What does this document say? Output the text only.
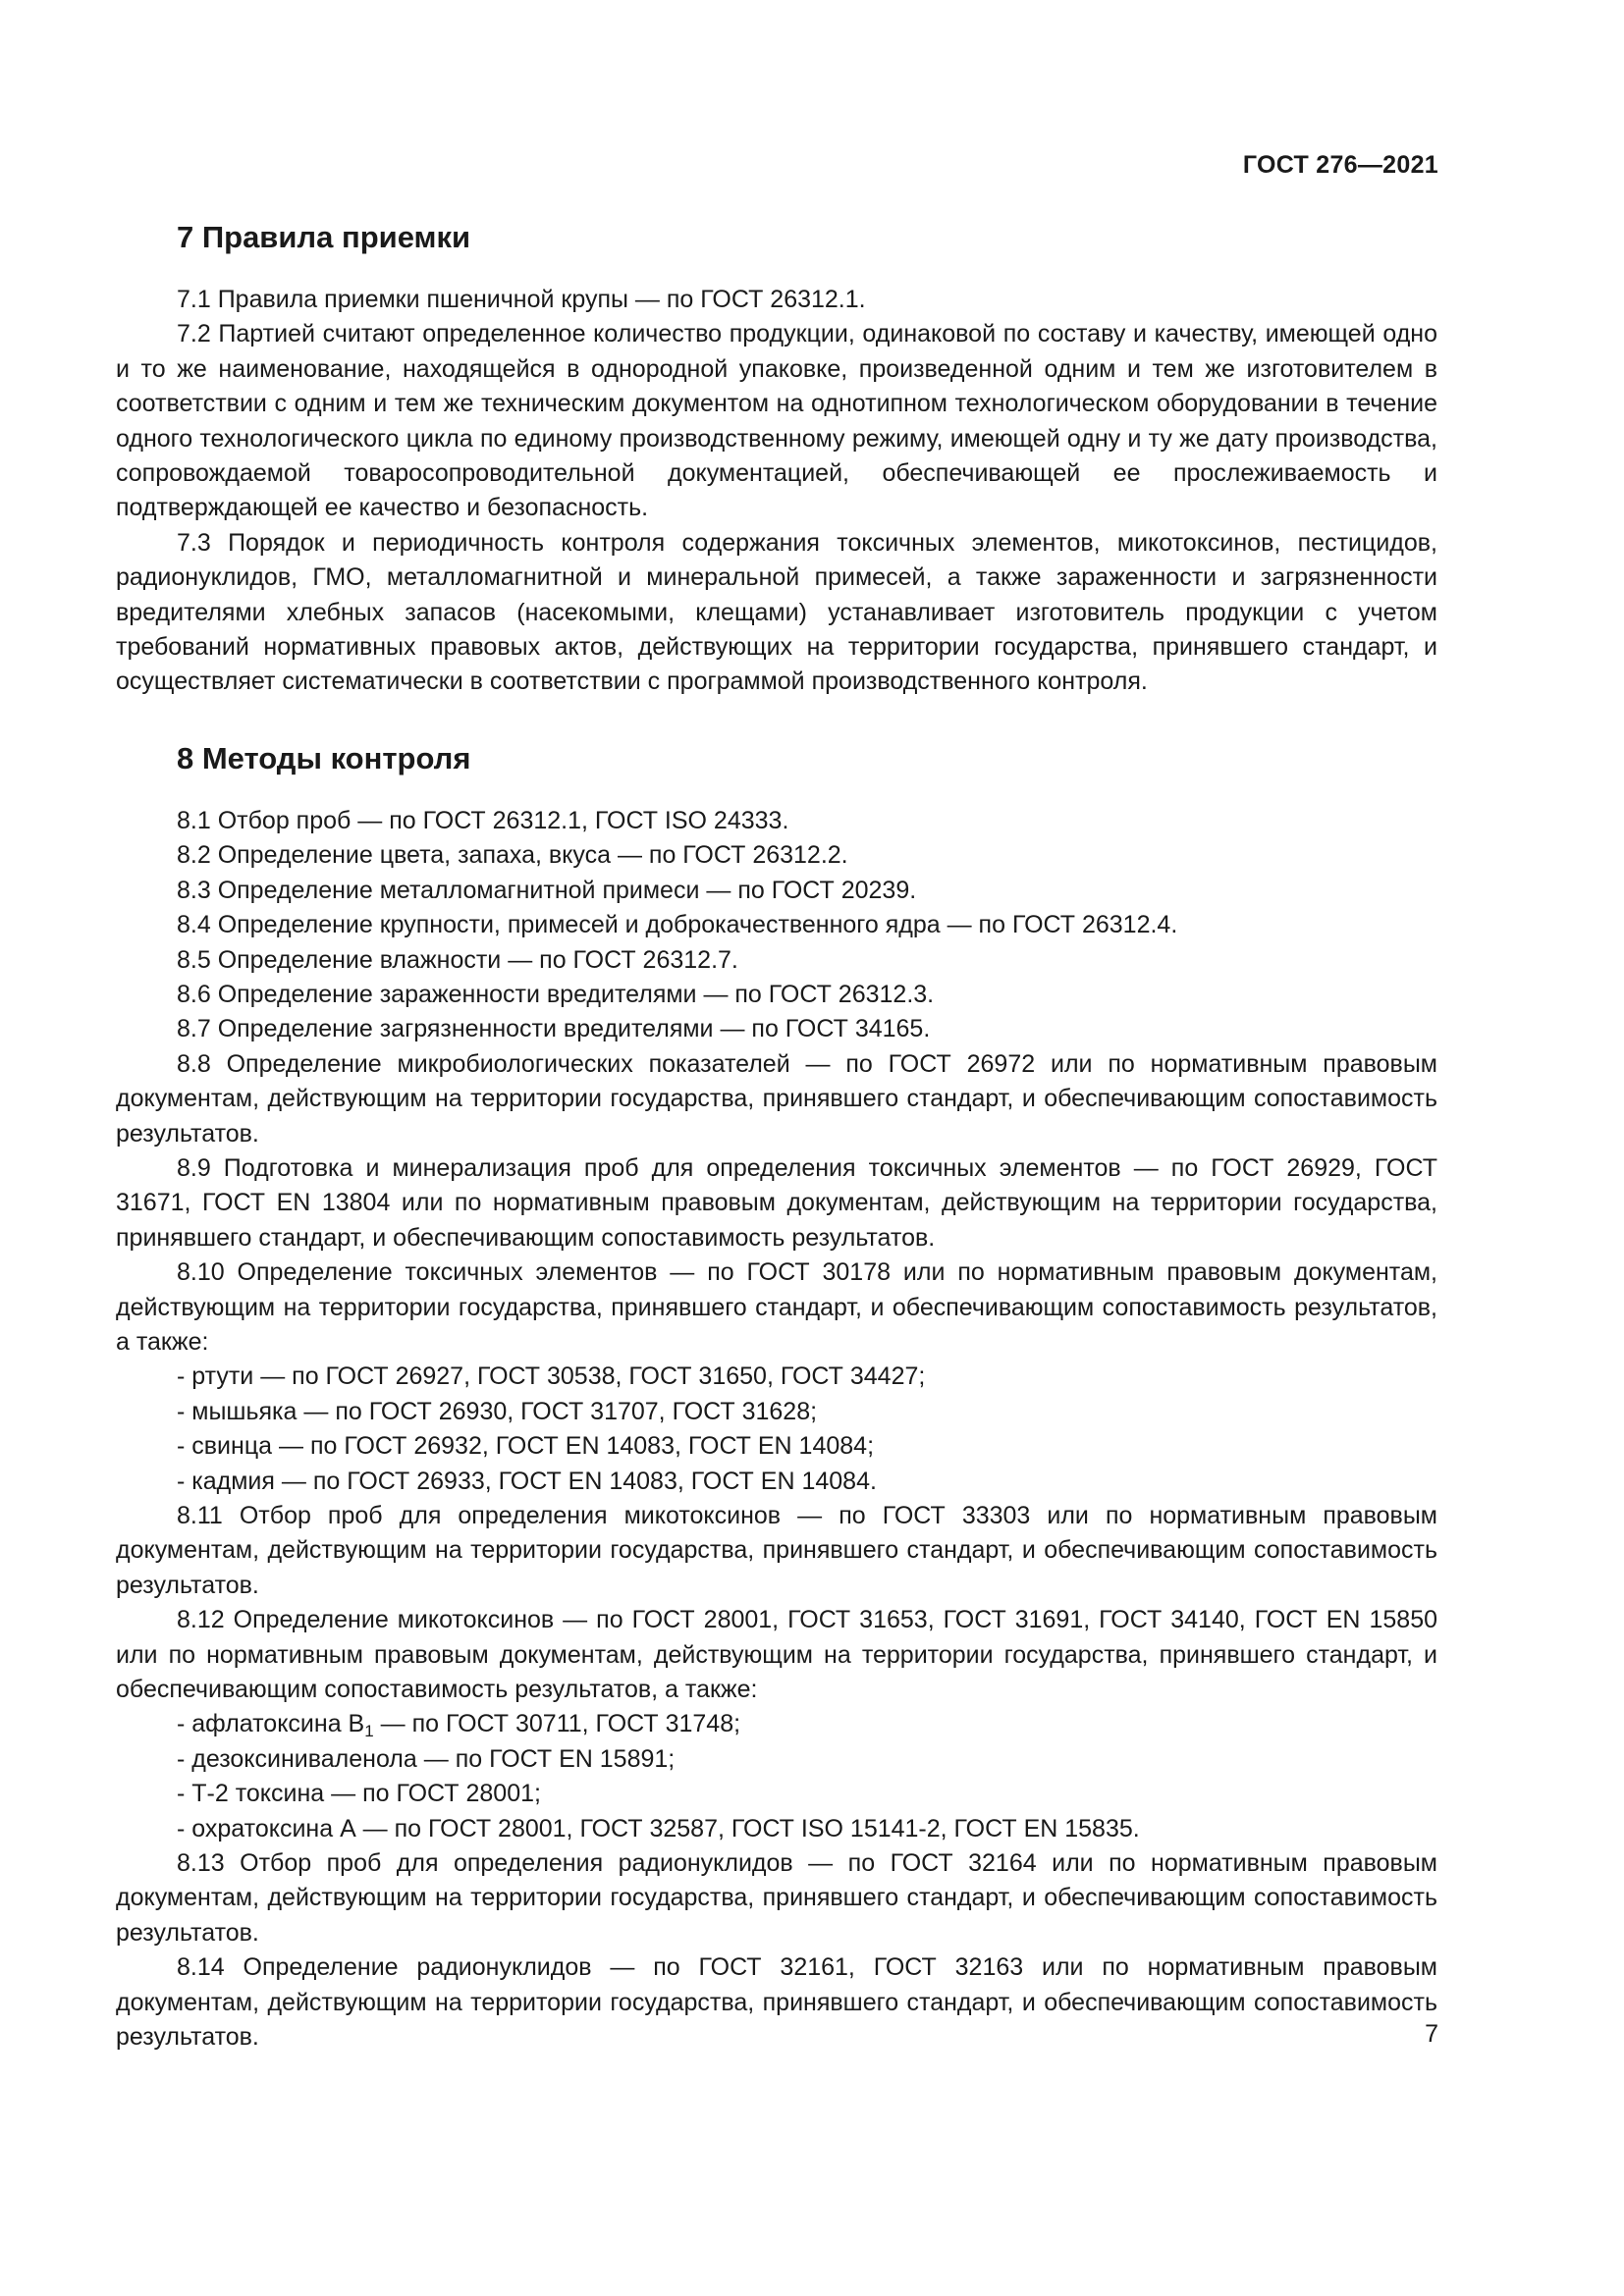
ГОСТ 276—2021
7 Правила приемки

7.1 Правила приемки пшеничной крупы — по ГОСТ 26312.1.

7.2 Партией считают определенное количество продукции, одинаковой по составу и качеству, имеющей одно и то же наименование, находящейся в однородной упаковке, произведенной одним и тем же изготовителем в соответствии с одним и тем же техническим документом на однотипном технологическом оборудовании в течение одного технологического цикла по единому производственному режиму, имеющей одну и ту же дату производства, сопровождаемой товаросопроводительной документацией, обеспечивающей ее прослеживаемость и подтверждающей ее качество и безопасность.

7.3 Порядок и периодичность контроля содержания токсичных элементов, микотоксинов, пестицидов, радионуклидов, ГМО, металломагнитной и минеральной примесей, а также зараженности и загрязненности вредителями хлебных запасов (насекомыми, клещами) устанавливает изготовитель продукции с учетом требований нормативных правовых актов, действующих на территории государства, принявшего стандарт, и осуществляет систематически в соответствии с программой производственного контроля.

8 Методы контроля

8.1 Отбор проб — по ГОСТ 26312.1, ГОСТ ISO 24333.

8.2 Определение цвета, запаха, вкуса — по ГОСТ 26312.2.

8.3 Определение металломагнитной примеси — по ГОСТ 20239.

8.4 Определение крупности, примесей и доброкачественного ядра — по ГОСТ 26312.4.

8.5 Определение влажности — по ГОСТ 26312.7.

8.6 Определение зараженности вредителями — по ГОСТ 26312.3.

8.7 Определение загрязненности вредителями — по ГОСТ 34165.

8.8 Определение микробиологических показателей — по ГОСТ 26972 или по нормативным правовым документам, действующим на территории государства, принявшего стандарт, и обеспечивающим сопоставимость результатов.

8.9 Подготовка и минерализация проб для определения токсичных элементов — по ГОСТ 26929, ГОСТ 31671, ГОСТ EN 13804 или по нормативным правовым документам, действующим на территории государства, принявшего стандарт, и обеспечивающим сопоставимость результатов.

8.10 Определение токсичных элементов — по ГОСТ 30178 или по нормативным правовым документам, действующим на территории государства, принявшего стандарт, и обеспечивающим сопоставимость результатов, а также:

- ртути — по ГОСТ 26927, ГОСТ 30538, ГОСТ 31650, ГОСТ 34427;

- мышьяка — по ГОСТ 26930, ГОСТ 31707, ГОСТ 31628;

- свинца — по ГОСТ 26932, ГОСТ EN 14083, ГОСТ EN 14084;

- кадмия — по ГОСТ 26933, ГОСТ EN 14083, ГОСТ EN 14084.

8.11 Отбор проб для определения микотоксинов — по ГОСТ 33303 или по нормативным правовым документам, действующим на территории государства, принявшего стандарт, и обеспечивающим сопоставимость результатов.

8.12 Определение микотоксинов — по ГОСТ 28001, ГОСТ 31653, ГОСТ 31691, ГОСТ 34140, ГОСТ EN 15850 или по нормативным правовым документам, действующим на территории государства, принявшего стандарт, и обеспечивающим сопоставимость результатов, а также:

- афлатоксина $В_1$ — по ГОСТ 30711, ГОСТ 31748;

- дезоксиниваленола — по ГОСТ EN 15891;

- Т-2 токсина — по ГОСТ 28001;

- охратоксина А — по ГОСТ 28001, ГОСТ 32587, ГОСТ ISO 15141-2, ГОСТ EN 15835.

8.13 Отбор проб для определения радионуклидов — по ГОСТ 32164 или по нормативным правовым документам, действующим на территории государства, принявшего стандарт, и обеспечивающим сопоставимость результатов.

8.14 Определение радионуклидов — по ГОСТ 32161, ГОСТ 32163 или по нормативным правовым документам, действующим на территории государства, принявшего стандарт, и обеспечивающим сопоставимость результатов.	7
